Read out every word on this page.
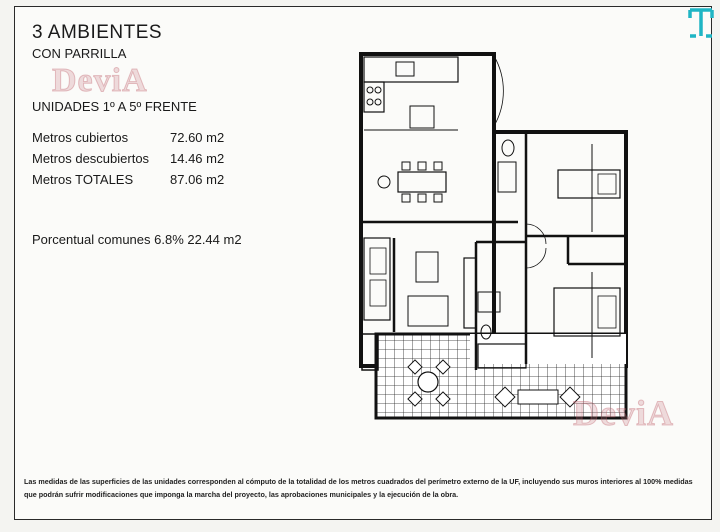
3 AMBIENTES
CON PARRILLA
DeviA
UNIDADES 1º A 5º FRENTE
Metros cubiertos	72.60 m2
Metros descubiertos	14.46 m2
Metros TOTALES	87.06 m2
Porcentual comunes 6.8% 22.44 m2
DeviA
Las medidas de las superficies de las unidades corresponden al cómputo de la totalidad de los metros cuadrados del perímetro externo de la UF, incluyendo sus muros interiores al 100% medidas que podrán sufrir modificaciones que imponga la marcha del proyecto, las aprobaciones municipales y la ejecución de la obra.
